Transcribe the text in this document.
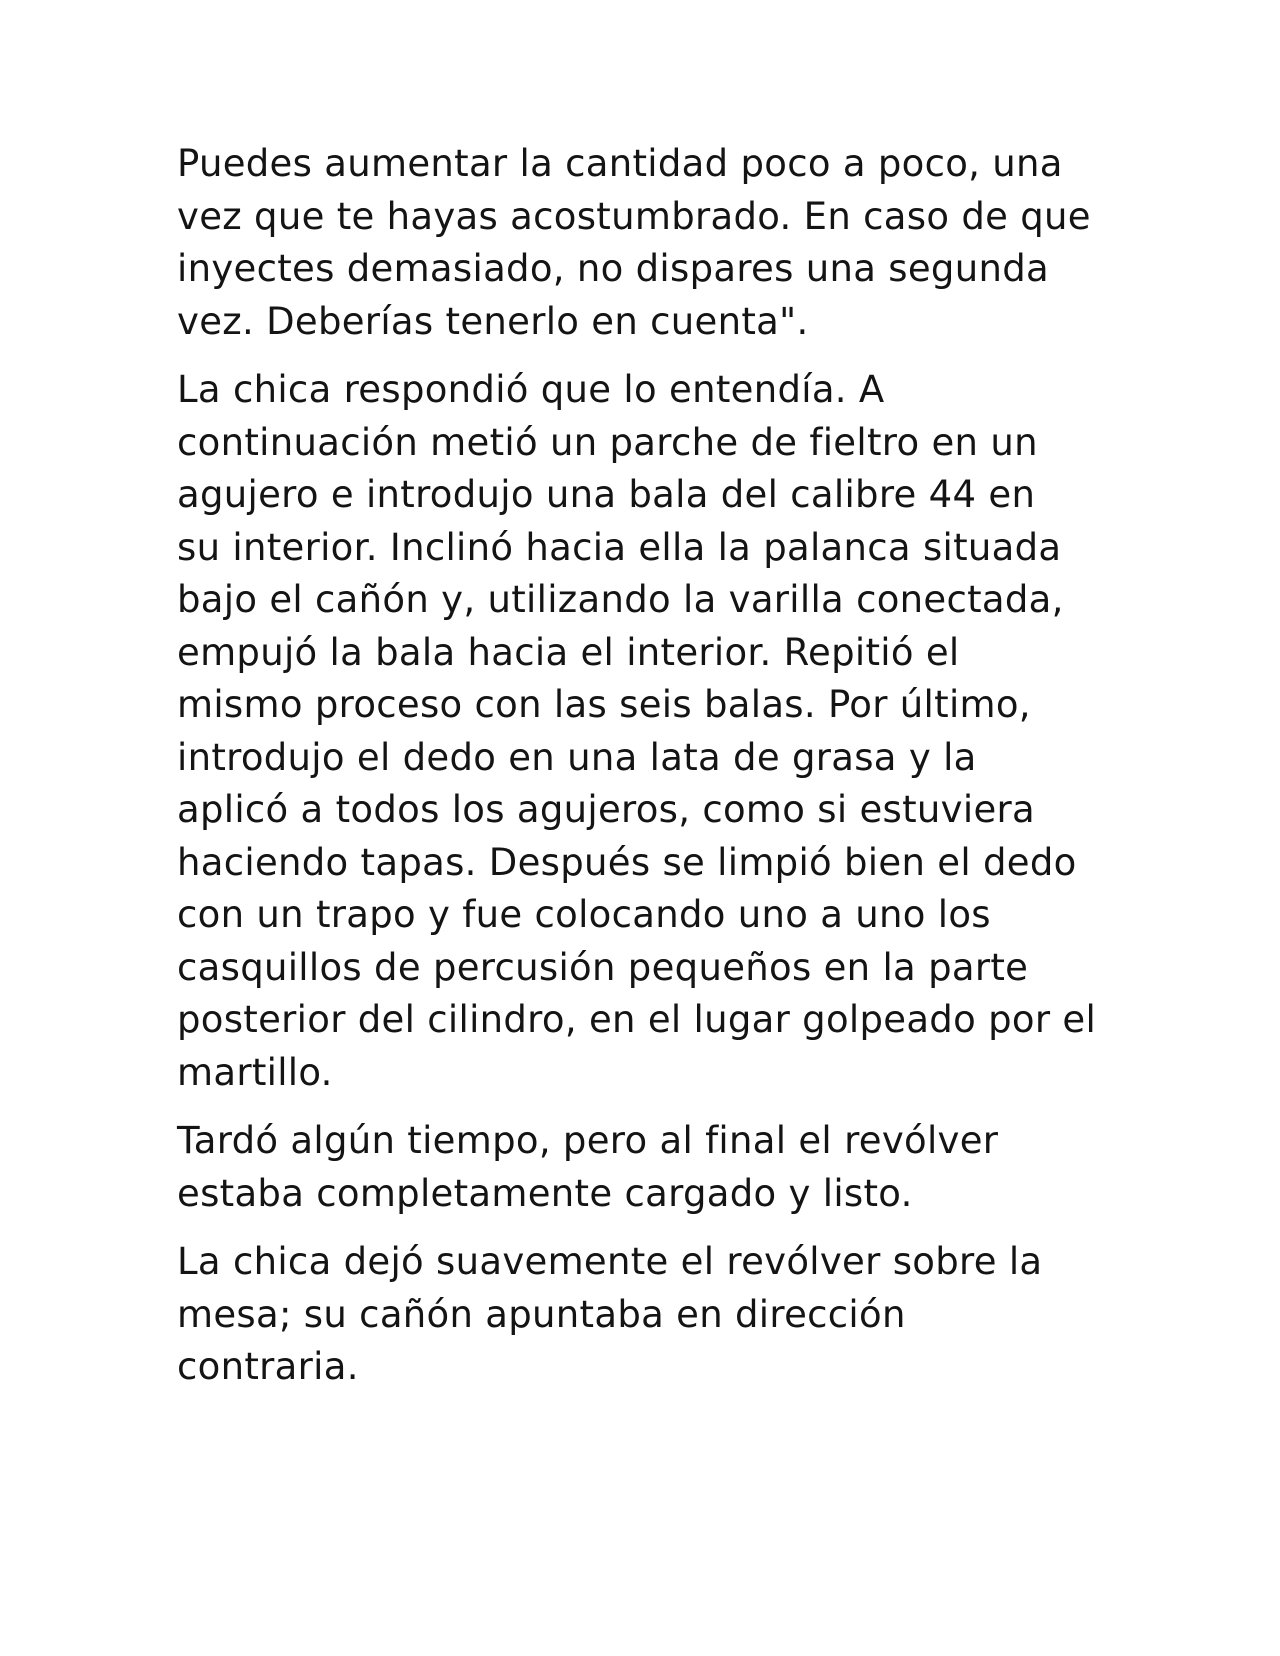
Puedes aumentar la cantidad poco a poco, una
vez que te hayas acostumbrado. En caso de que
inyectes demasiado, no dispares una segunda
vez. Deberías tenerlo en cuenta".

La chica respondió que lo entendía. A
continuación metió un parche de fieltro en un
agujero e introdujo una bala del calibre 44 en
su interior. Inclinó hacia ella la palanca situada
bajo el cañón y, utilizando la varilla conectada,
empujó la bala hacia el interior. Repitió el
mismo proceso con las seis balas. Por último,
introdujo el dedo en una lata de grasa y la
aplicó a todos los agujeros, como si estuviera
haciendo tapas. Después se limpió bien el dedo
con un trapo y fue colocando uno a uno los
casquillos de percusión pequeños en la parte
posterior del cilindro, en el lugar golpeado por el
martillo.

Tardó algún tiempo, pero al final el revólver
estaba completamente cargado y listo.

La chica dejó suavemente el revólver sobre la
mesa; su cañón apuntaba en dirección
contraria.
